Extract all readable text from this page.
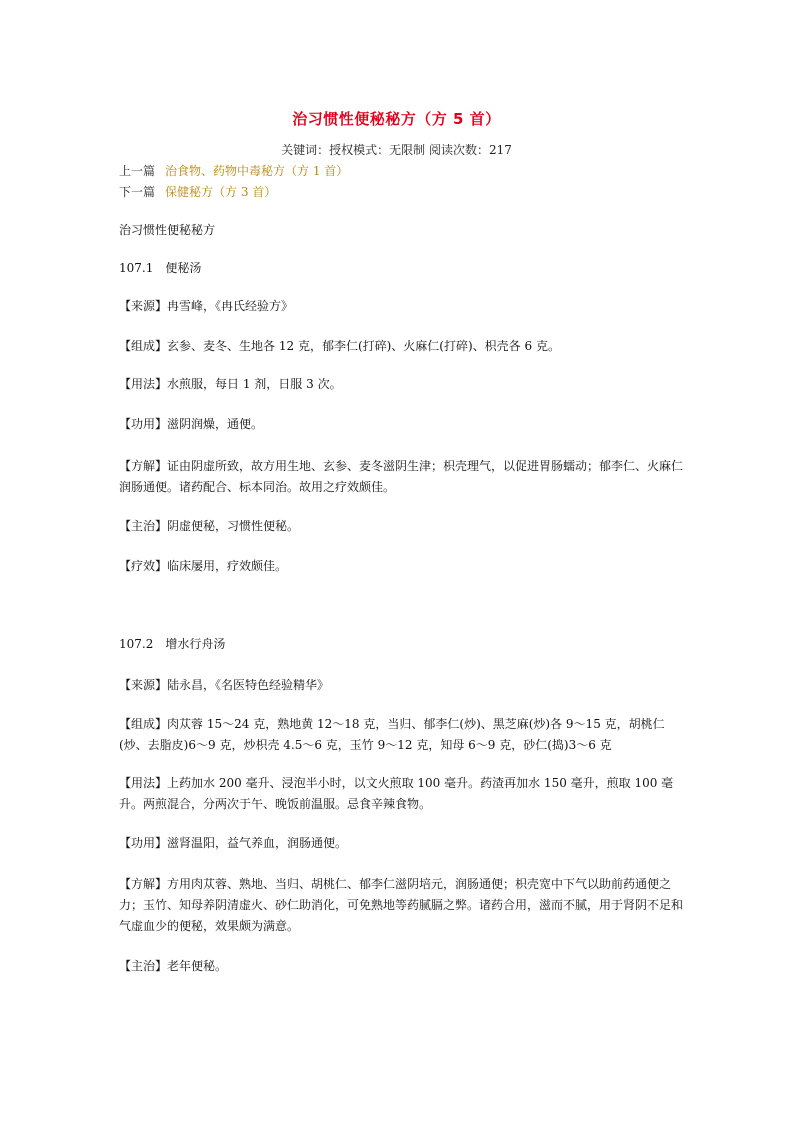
治习惯性便秘秘方（方 5 首）
关键词：授权模式：无限制 阅读次数：217
上一篇 治食物、药物中毒秘方（方 1 首）
下一篇 保健秘方（方 3 首）

治习惯性便秘秘方

107.1　便秘汤

【来源】冉雪峰，《冉氏经验方》

【组成】玄参、麦冬、生地各 12 克，郁李仁(打碎)、火麻仁(打碎)、枳壳各 6 克。

【用法】水煎服，每日 1 剂，日服 3 次。

【功用】滋阴润燥，通便。

【方解】证由阴虚所致，故方用生地、玄参、麦冬滋阴生津；枳壳理气，以促进胃肠蠕动；郁李仁、火麻仁润肠通便。诸药配合、标本同治。故用之疗效颇佳。

【主治】阴虚便秘，习惯性便秘。

【疗效】临床屡用，疗效颇佳。

107.2　增水行舟汤

【来源】陆永昌，《名医特色经验精华》

【组成】肉苁蓉 15～24 克，熟地黄 12～18 克，当归、郁李仁(炒)、黑芝麻(炒)各 9～15 克，胡桃仁(炒、去脂皮)6～9 克，炒枳壳 4.5～6 克，玉竹 9～12 克，知母 6～9 克，砂仁(捣)3～6 克

【用法】上药加水 200 毫升、浸泡半小时，以文火煎取 100 毫升。药渣再加水 150 毫升，煎取 100 毫升。两煎混合，分两次于午、晚饭前温服。忌食辛辣食物。

【功用】滋肾温阳，益气养血，润肠通便。

【方解】方用肉苁蓉、熟地、当归、胡桃仁、郁李仁滋阴培元，润肠通便；枳壳宽中下气以助前药通便之力；玉竹、知母养阴清虚火、砂仁助消化，可免熟地等药腻膈之弊。诸药合用，滋而不腻，用于肾阴不足和气虚血少的便秘，效果颇为满意。

【主治】老年便秘。
